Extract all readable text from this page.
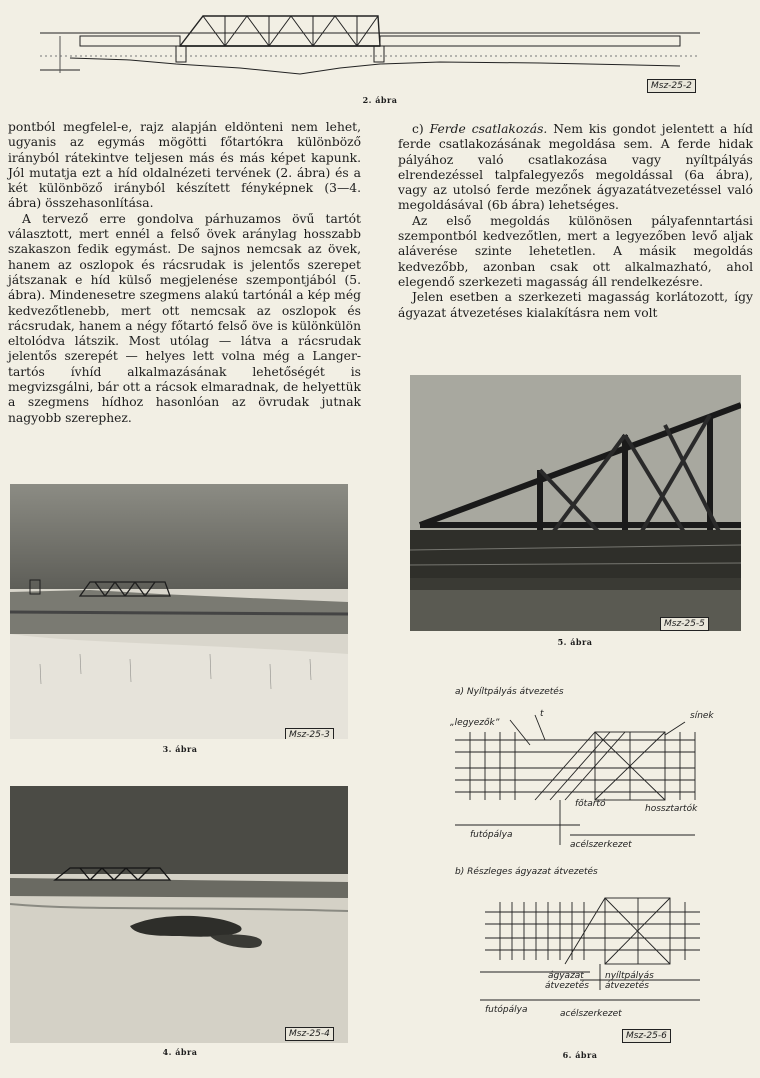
Msz-25-2
2. ábra

pontból megfelel-e, rajz alapján eldönteni nem lehet, ugyanis az egymás mögötti főtartókra különböző irányból rátekintve teljesen más és más képet kapunk. Jól mutatja ezt a híd oldalnézeti tervének (2. ábra) és a két különböző irányból készített fényképnek (3—4. ábra) összehasonlítása.

A tervező erre gondolva párhuzamos övű tartót választott, mert ennél a felső övek aránylag hosszabb szakaszon fedik egymást. De sajnos nemcsak az övek, hanem az oszlopok és rácsrudak is jelentős szerepet játszanak e híd külső megjelenése szempontjából (5. ábra). Mindenesetre szegmens alakú tartónál a kép még kedvezőtlenebb, mert ott nemcsak az oszlopok és rácsrudak, hanem a négy főtartó felső öve is különkülön eltolódva látszik. Most utólag — látva a rácsrudak jelentős szerepét — helyes lett volna még a Langer-tartós ívhíd alkalmazásának lehetőségét is megvizsgálni, bár ott a rácsok elmaradnak, de helyettük a szegmens hídhoz hasonlóan az övrudak jutnak nagyobb szerephez.

c) Ferde csatlakozás. Nem kis gondot jelentett a híd ferde csatlakozásának megoldása sem. A ferde hidak pályához való csatlakozása vagy nyíltpályás elrendezéssel talpfalegyezős megoldással (6a ábra), vagy az utolsó ferde mezőnek ágyazatátvezetéssel való megoldásával (6b ábra) lehetséges.

Az első megoldás különösen pályafenntartási szempontból kedvezőtlen, mert a legyezőben levő aljak aláverése szinte lehetetlen. A másik megoldás kedvezőbb, azonban csak ott alkalmazható, ahol elegendő szerkezeti magasság áll rendelkezésre.

Jelen esetben a szerkezeti magasság korlátozott, így ágyazat átvezetéses kialakításra nem volt

Msz-25-3
3. ábra
Msz-25-4
4. ábra
Msz-25-5
5. ábra
a) Nyíltpályás átvezetés
„legyezők”
t	sínek
főtartó	hossztartók
futópálya
acélszerkezet
b) Részleges ágyazat átvezetés
ágyazat
átvezetés
nyíltpályás
átvezetés
futópálya	acélszerkezet
Msz-25-6
6. ábra
